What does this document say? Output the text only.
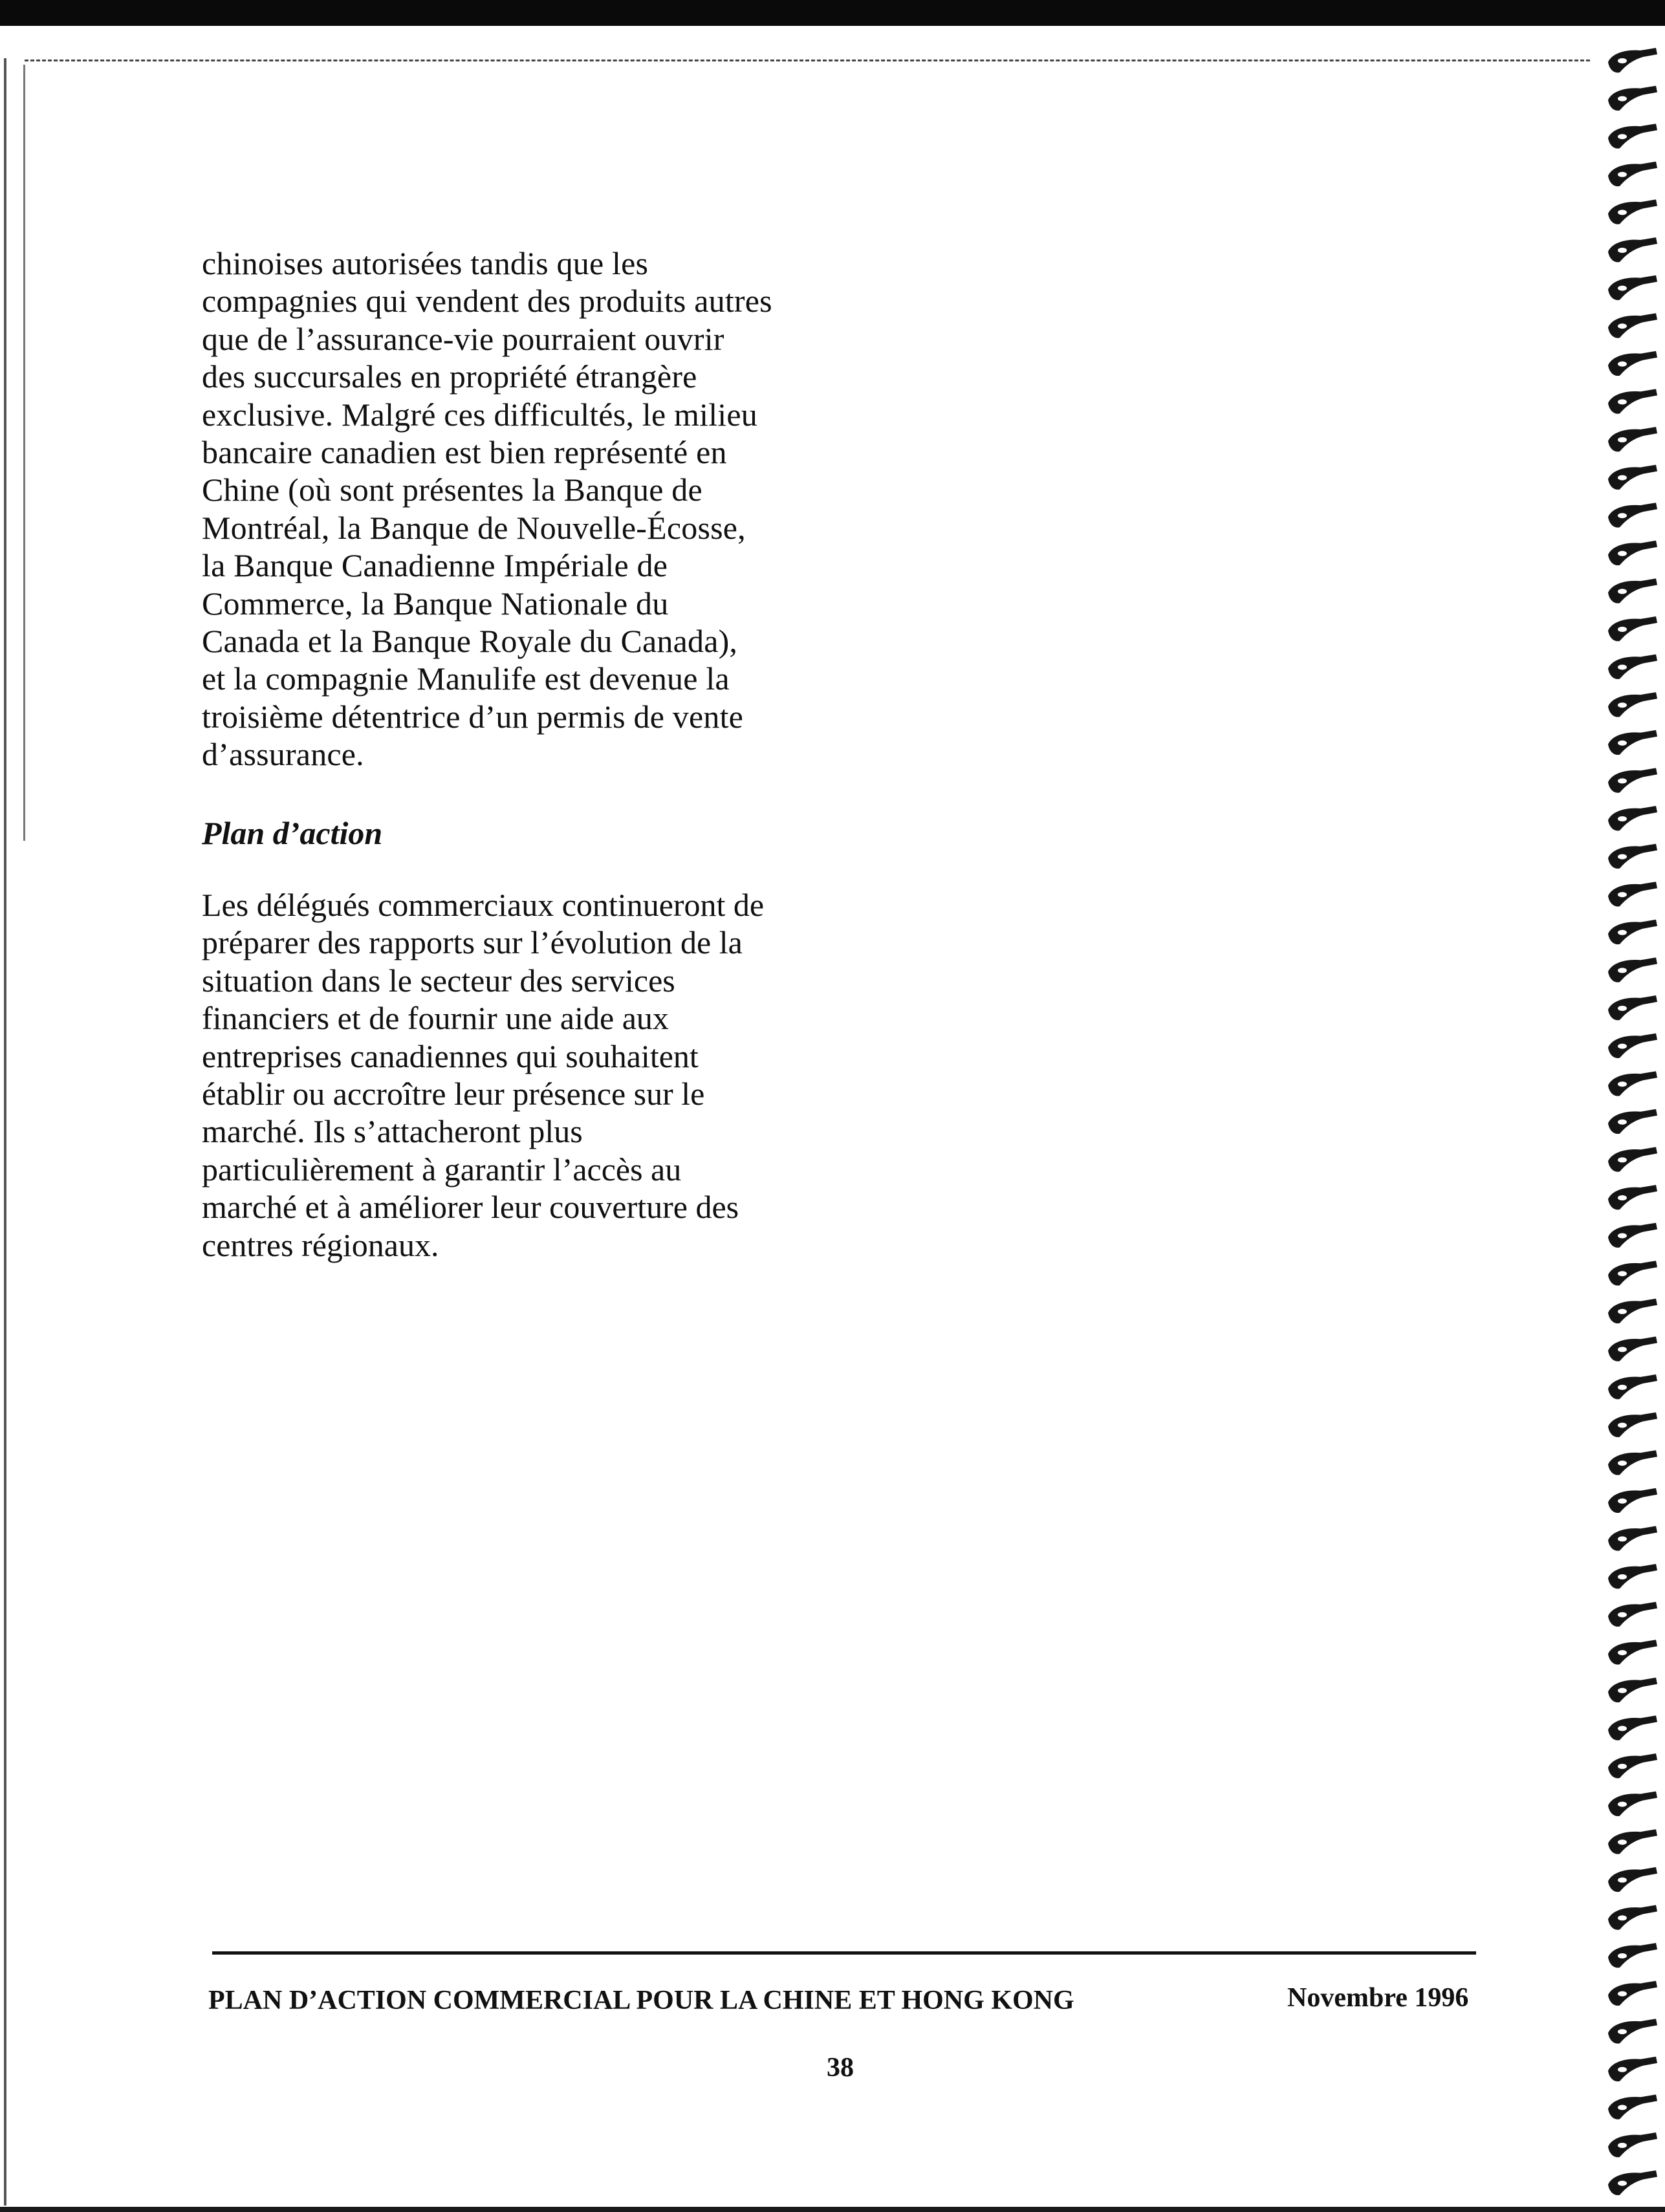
chinoises autorisées tandis que les
compagnies qui vendent des produits autres
que de l’assurance-vie pourraient ouvrir
des succursales en propriété étrangère
exclusive. Malgré ces difficultés, le milieu
bancaire canadien est bien représenté en
Chine (où sont présentes la Banque de
Montréal, la Banque de Nouvelle-Écosse,
la Banque Canadienne Impériale de
Commerce, la Banque Nationale du
Canada et la Banque Royale du Canada),
et la compagnie Manulife est devenue la
troisième détentrice d’un permis de vente
d’assurance.
Plan d’action
Les délégués commerciaux continueront de
préparer des rapports sur l’évolution de la
situation dans le secteur des services
financiers et de fournir une aide aux
entreprises canadiennes qui souhaitent
établir ou accroître leur présence sur le
marché. Ils s’attacheront plus
particulièrement à garantir l’accès au
marché et à améliorer leur couverture des
centres régionaux.
PLAN D’ACTION COMMERCIAL POUR LA CHINE ET HONG KONG	Novembre 1996
38
